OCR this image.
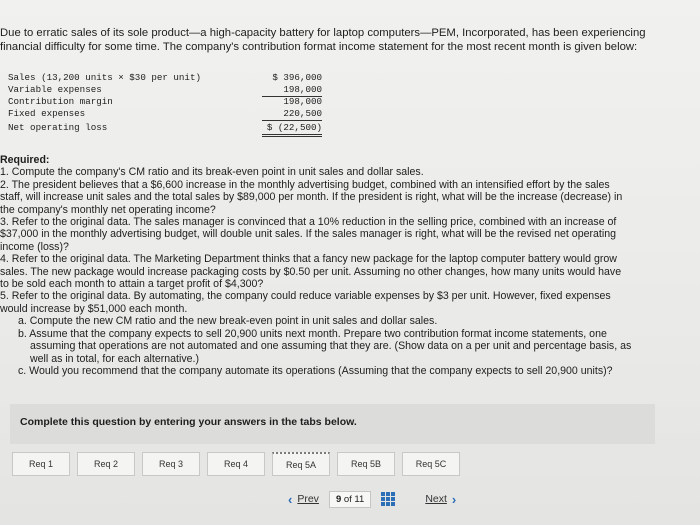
Due to erratic sales of its sole product—a high-capacity battery for laptop computers—PEM, Incorporated, has been experiencing
financial difficulty for some time. The company's contribution format income statement for the most recent month is given below:
Sales (13,200 units × $30 per unit)	$ 396,000
Variable expenses	198,000
Contribution margin	198,000
Fixed expenses	220,500
Net operating loss	$ (22,500)

Required:

1. Compute the company's CM ratio and its break-even point in unit sales and dollar sales.

2. The president believes that a $6,600 increase in the monthly advertising budget, combined with an intensified effort by the sales

staff, will increase unit sales and the total sales by $89,000 per month. If the president is right, what will be the increase (decrease) in

the company's monthly net operating income?

3. Refer to the original data. The sales manager is convinced that a 10% reduction in the selling price, combined with an increase of

$37,000 in the monthly advertising budget, will double unit sales. If the sales manager is right, what will be the revised net operating

income (loss)?

4. Refer to the original data. The Marketing Department thinks that a fancy new package for the laptop computer battery would grow

sales. The new package would increase packaging costs by $0.50 per unit. Assuming no other changes, how many units would have

to be sold each month to attain a target profit of $4,300?

5. Refer to the original data. By automating, the company could reduce variable expenses by $3 per unit. However, fixed expenses

would increase by $51,000 each month.

a. Compute the new CM ratio and the new break-even point in unit sales and dollar sales.

b. Assume that the company expects to sell 20,900 units next month. Prepare two contribution format income statements, one

assuming that operations are not automated and one assuming that they are. (Show data on a per unit and percentage basis, as

well as in total, for each alternative.)

c. Would you recommend that the company automate its operations (Assuming that the company expects to sell 20,900 units)?

Complete this question by entering your answers in the tabs below.
Req 1	Req 2	Req 3	Req 4	Req 5A	Req 5B	Req 5C
‹ Prev	9 of 11	Next ›
